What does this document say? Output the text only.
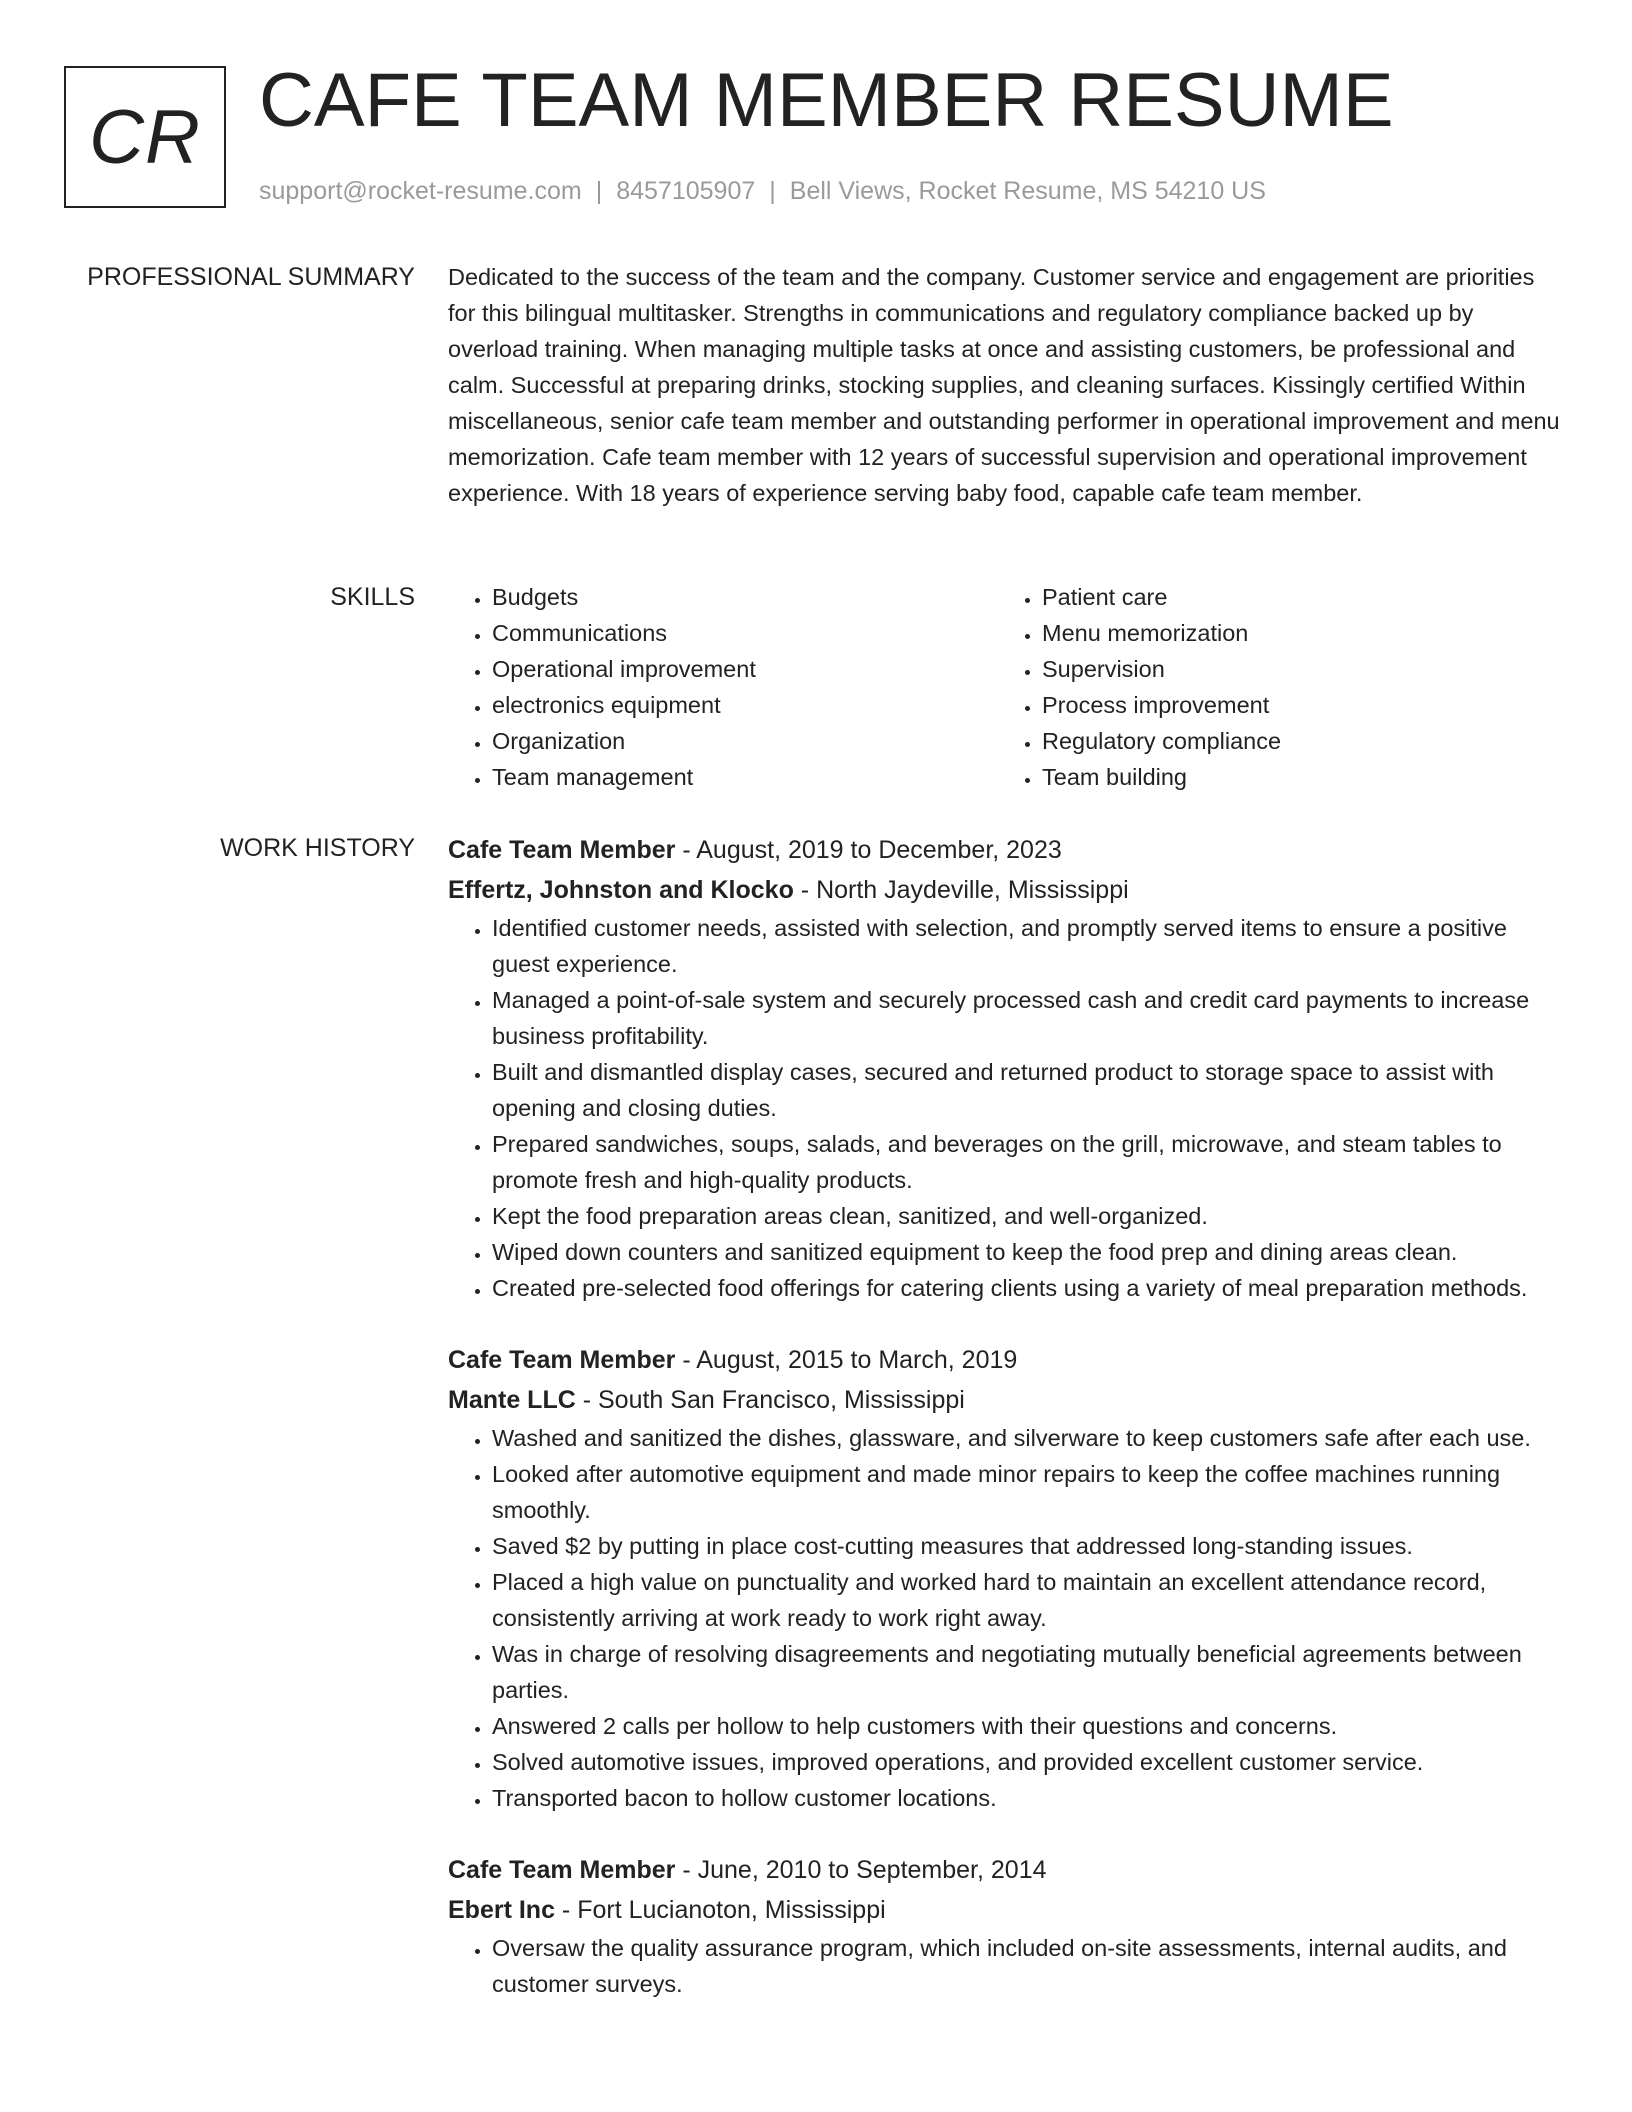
CR CAFE TEAM MEMBER RESUME
support@rocket-resume.com | 8457105907 | Bell Views, Rocket Resume, MS 54210 US
PROFESSIONAL SUMMARY Dedicated to the success of the team and the company. Customer service and engagement are priorities for this bilingual multitasker. Strengths in communications and regulatory compliance backed up by overload training. When managing multiple tasks at once and assisting customers, be professional and calm. Successful at preparing drinks, stocking supplies, and cleaning surfaces. Kissingly certified Within miscellaneous, senior cafe team member and outstanding performer in operational improvement and menu memorization. Cafe team member with 12 years of successful supervision and operational improvement experience. With 18 years of experience serving baby food, capable cafe team member.

SKILLS
•	Budgets
• Communications
• Operational improvement
• electronics equipment
• Organization
• Team management
• Patient care
• Menu memorization
• Supervision
• Process improvement
• Regulatory compliance
• Team building
WORK HISTORY Cafe Team Member - August, 2019 to December, 2023
Effertz, Johnston and Klocko - North Jaydeville, Mississippi
• Identified customer needs, assisted with selection, and promptly served items to ensure a positive guest experience.
• Managed a point-of-sale system and securely processed cash and credit card payments to increase business profitability.
• Built and dismantled display cases, secured and returned product to storage space to assist with opening and closing duties.
• Prepared sandwiches, soups, salads, and beverages on the grill, microwave, and steam tables to promote fresh and high-quality products.
• Kept the food preparation areas clean, sanitized, and well-organized.
• Wiped down counters and sanitized equipment to keep the food prep and dining areas clean.
• Created pre-selected food offerings for catering clients using a variety of meal preparation methods.
Cafe Team Member - August, 2015 to March, 2019
Mante LLC - South San Francisco, Mississippi
• Washed and sanitized the dishes, glassware, and silverware to keep customers safe after each use.
• Looked after automotive equipment and made minor repairs to keep the coffee machines running smoothly.
• Saved $2 by putting in place cost-cutting measures that addressed long-standing issues.
• Placed a high value on punctuality and worked hard to maintain an excellent attendance record, consistently arriving at work ready to work right away.
• Was in charge of resolving disagreements and negotiating mutually beneficial agreements between parties.
• Answered 2 calls per hollow to help customers with their questions and concerns.
• Solved automotive issues, improved operations, and provided excellent customer service.
• Transported bacon to hollow customer locations.
Cafe Team Member - June, 2010 to September, 2014
Ebert Inc - Fort Lucianoton, Mississippi
• Oversaw the quality assurance program, which included on-site assessments, internal audits, and customer surveys.
